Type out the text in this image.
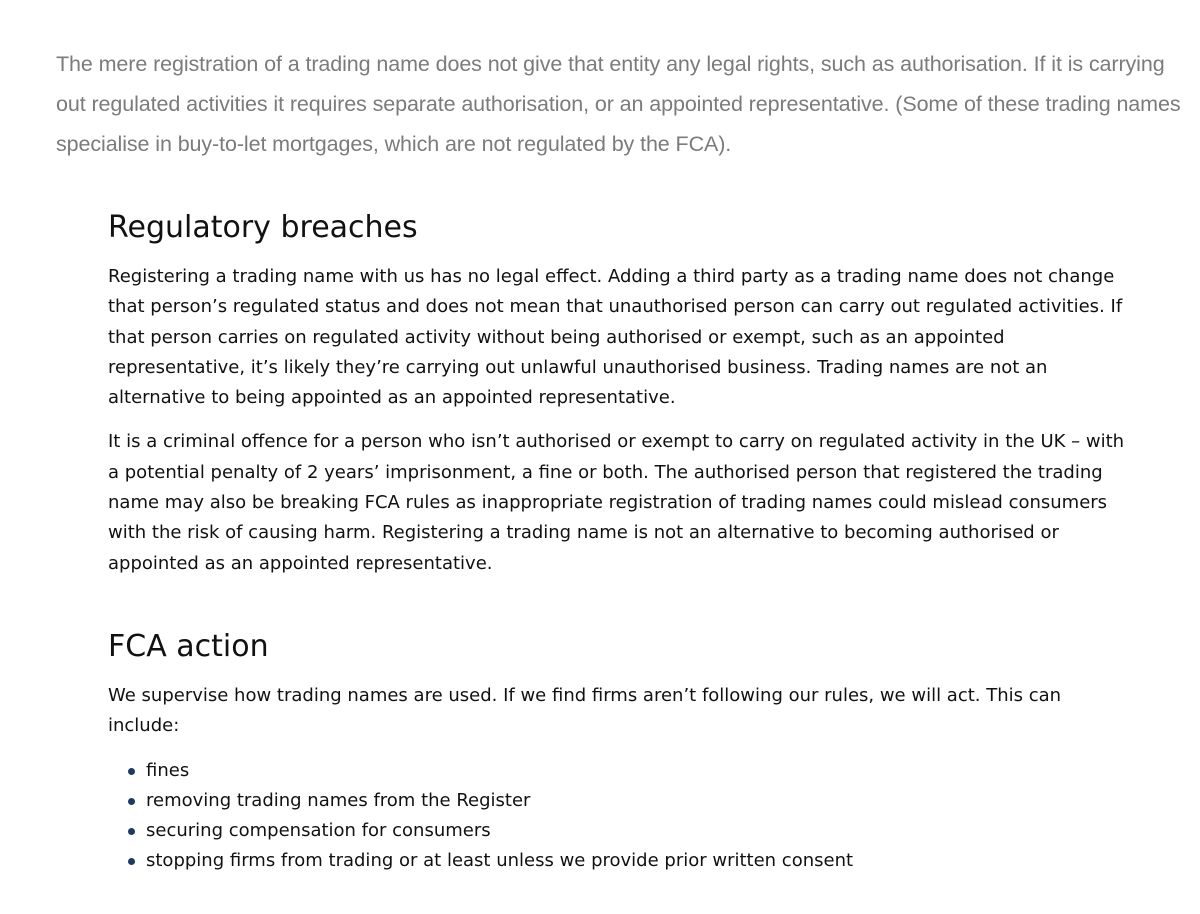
The mere registration of a trading name does not give that entity any legal rights, such as authorisation. If it is carrying out regulated activities it requires separate authorisation, or an appointed representative. (Some of these trading names specialise in buy-to-let mortgages, which are not regulated by the FCA).

Regulatory breaches

Registering a trading name with us has no legal effect. Adding a third party as a trading name does not change that person’s regulated status and does not mean that unauthorised person can carry out regulated activities. If that person carries on regulated activity without being authorised or exempt, such as an appointed representative, it’s likely they’re carrying out unlawful unauthorised business. Trading names are not an alternative to being appointed as an appointed representative.

It is a criminal offence for a person who isn’t authorised or exempt to carry on regulated activity in the UK – with a potential penalty of 2 years’ imprisonment, a fine or both. The authorised person that registered the trading name may also be breaking FCA rules as inappropriate registration of trading names could mislead consumers with the risk of causing harm. Registering a trading name is not an alternative to becoming authorised or appointed as an appointed representative.

FCA action

We supervise how trading names are used. If we find firms aren’t following our rules, we will act. This can include:

fines
removing trading names from the Register
securing compensation for consumers
stopping firms from trading or at least unless we provide prior written consent
